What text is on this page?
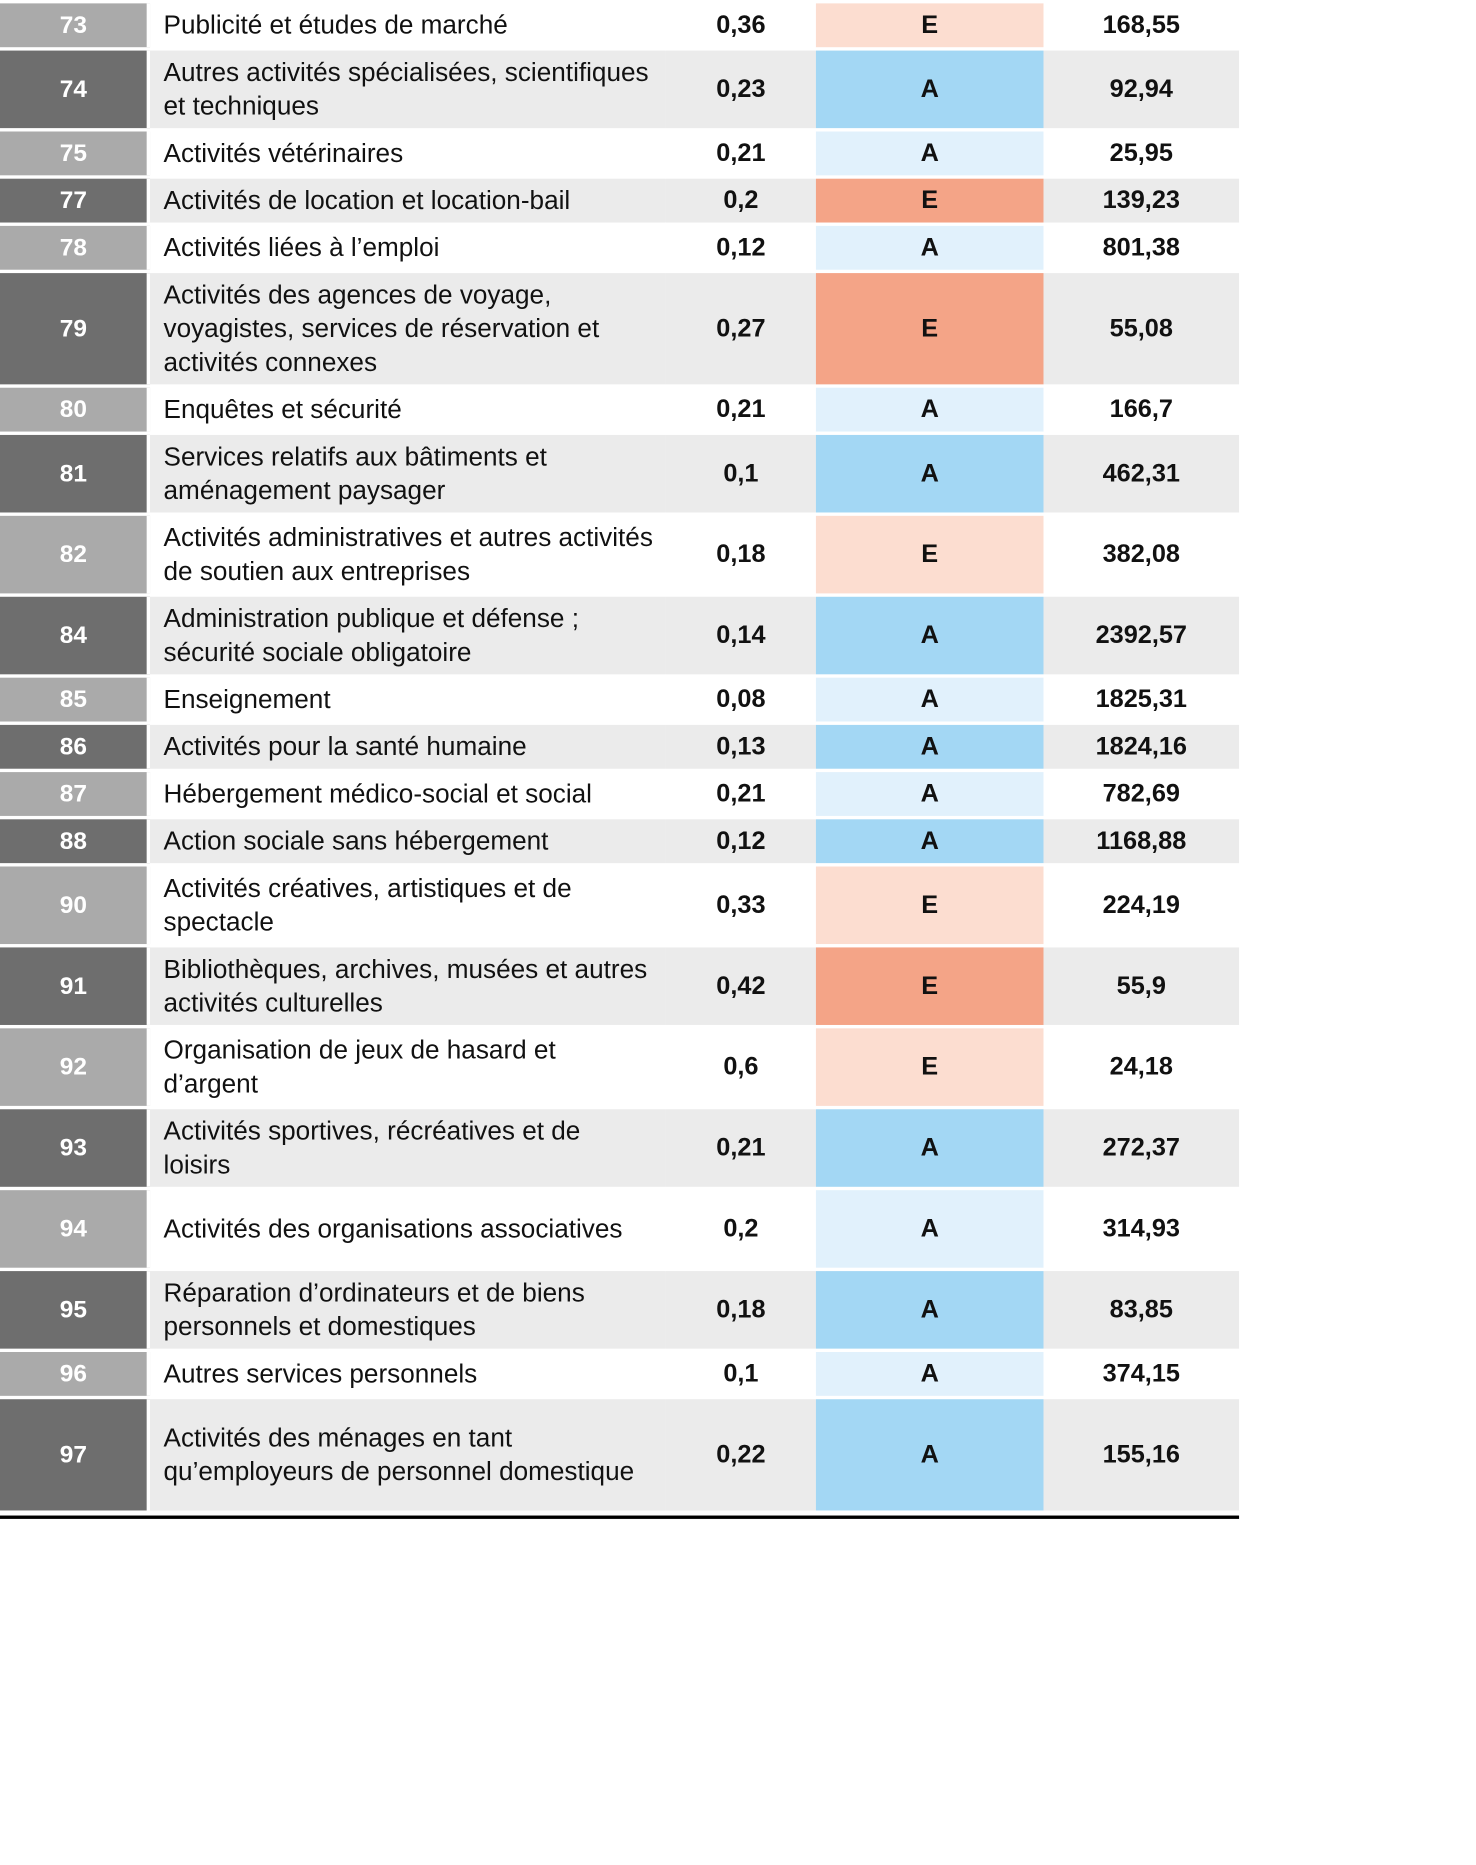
73	Publicité et études de marché	0,36	E	168,55
74	Autres activités spécialisées, scientifiques et techniques	0,23	A	92,94
75	Activités vétérinaires	0,21	A	25,95
77	Activités de location et location-bail	0,2	E	139,23
78	Activités liées à l’emploi	0,12	A	801,38
79	Activités des agences de voyage, voyagistes, services de réservation et activités connexes	0,27	E	55,08
80	Enquêtes et sécurité	0,21	A	166,7
81	Services relatifs aux bâtiments et aménagement paysager	0,1	A	462,31
82	Activités administratives et autres activités de soutien aux entreprises	0,18	E	382,08
84	Administration publique et défense ; sécurité sociale obligatoire	0,14	A	2392,57
85	Enseignement	0,08	A	1825,31
86	Activités pour la santé humaine	0,13	A	1824,16
87	Hébergement médico-social et social	0,21	A	782,69
88	Action sociale sans hébergement	0,12	A	1168,88
90	Activités créatives, artistiques et de spectacle	0,33	E	224,19
91	Bibliothèques, archives, musées et autres activités culturelles	0,42	E	55,9
92	Organisation de jeux de hasard et d’argent	0,6	E	24,18
93	Activités sportives, récréatives et de loisirs	0,21	A	272,37
94	Activités des organisations associatives	0,2	A	314,93
95	Réparation d’ordinateurs et de biens personnels et domestiques	0,18	A	83,85
96	Autres services personnels	0,1	A	374,15
97	Activités des ménages en tant qu’employeurs de personnel domestique	0,22	A	155,16
